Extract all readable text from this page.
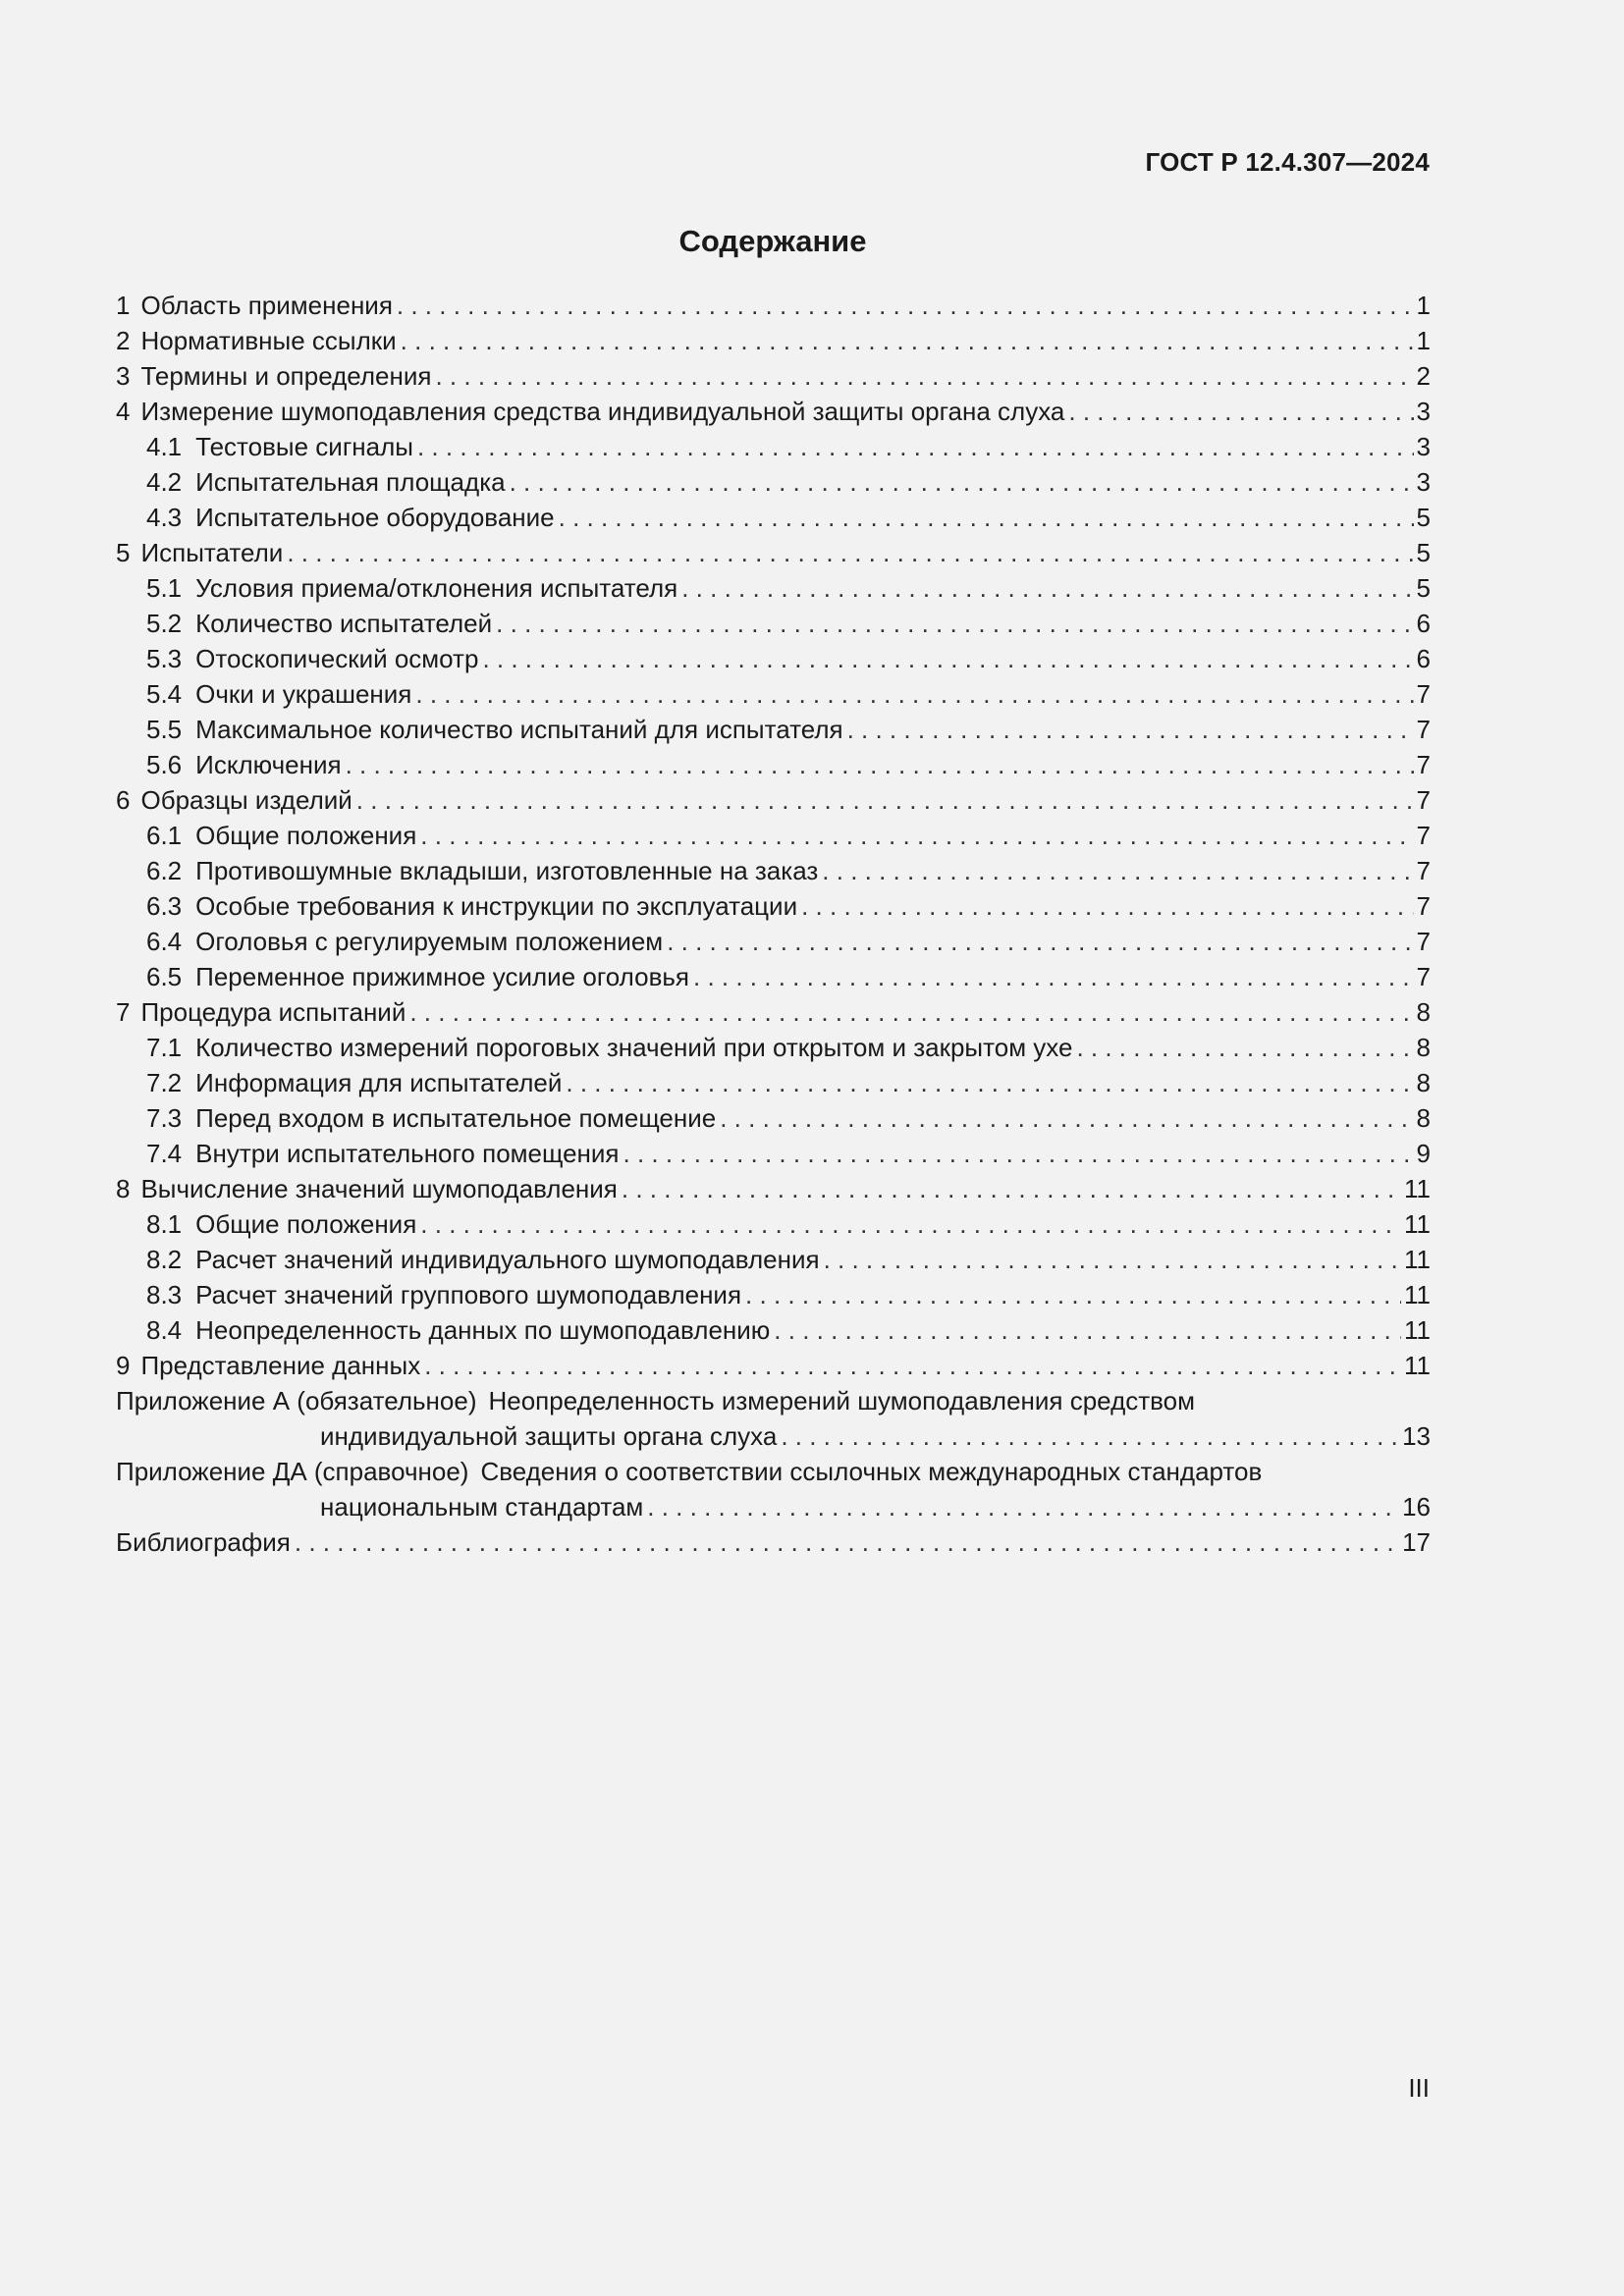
ГОСТ Р 12.4.307—2024
Содержание
1 Область применения . . .	1
2 Нормативные ссылки . . .	1
3 Термины и определения . . .	2
4 Измерение шумоподавления средства индивидуальной защиты органа слуха . . .	3
4.1 Тестовые сигналы . . .	3
4.2 Испытательная площадка . . .	3
4.3 Испытательное оборудование . . .	5
5 Испытатели . . .	5
5.1 Условия приема/отклонения испытателя . . .	5
5.2 Количество испытателей . . .	6
5.3 Отоскопический осмотр . . .	6
5.4 Очки и украшения . . .	7
5.5 Максимальное количество испытаний для испытателя . . .	7
5.6 Исключения . . .	7
6 Образцы изделий . . .	7
6.1 Общие положения . . .	7
6.2 Противошумные вкладыши, изготовленные на заказ . . .	7
6.3 Особые требования к инструкции по эксплуатации . . .	7
6.4 Оголовья с регулируемым положением . . .	7
6.5 Переменное прижимное усилие оголовья . . .	7
7 Процедура испытаний . . .	8
7.1 Количество измерений пороговых значений при открытом и закрытом ухе . . .	8
7.2 Информация для испытателей . . .	8
7.3 Перед входом в испытательное помещение . . .	8
7.4 Внутри испытательного помещения . . .	9
8 Вычисление значений шумоподавления . . .	11
8.1 Общие положения . . .	11
8.2 Расчет значений индивидуального шумоподавления . . .	11
8.3 Расчет значений группового шумоподавления . . .	11
8.4 Неопределенность данных по шумоподавлению . . .	11
9 Представление данных . . .	11
Приложение А (обязательное) Неопределенность измерений шумоподавления средством
индивидуальной защиты органа слуха . . .	13
Приложение ДА (справочное) Сведения о соответствии ссылочных международных стандартов
национальным стандартам . . .	16
Библиография . . .	17
III
